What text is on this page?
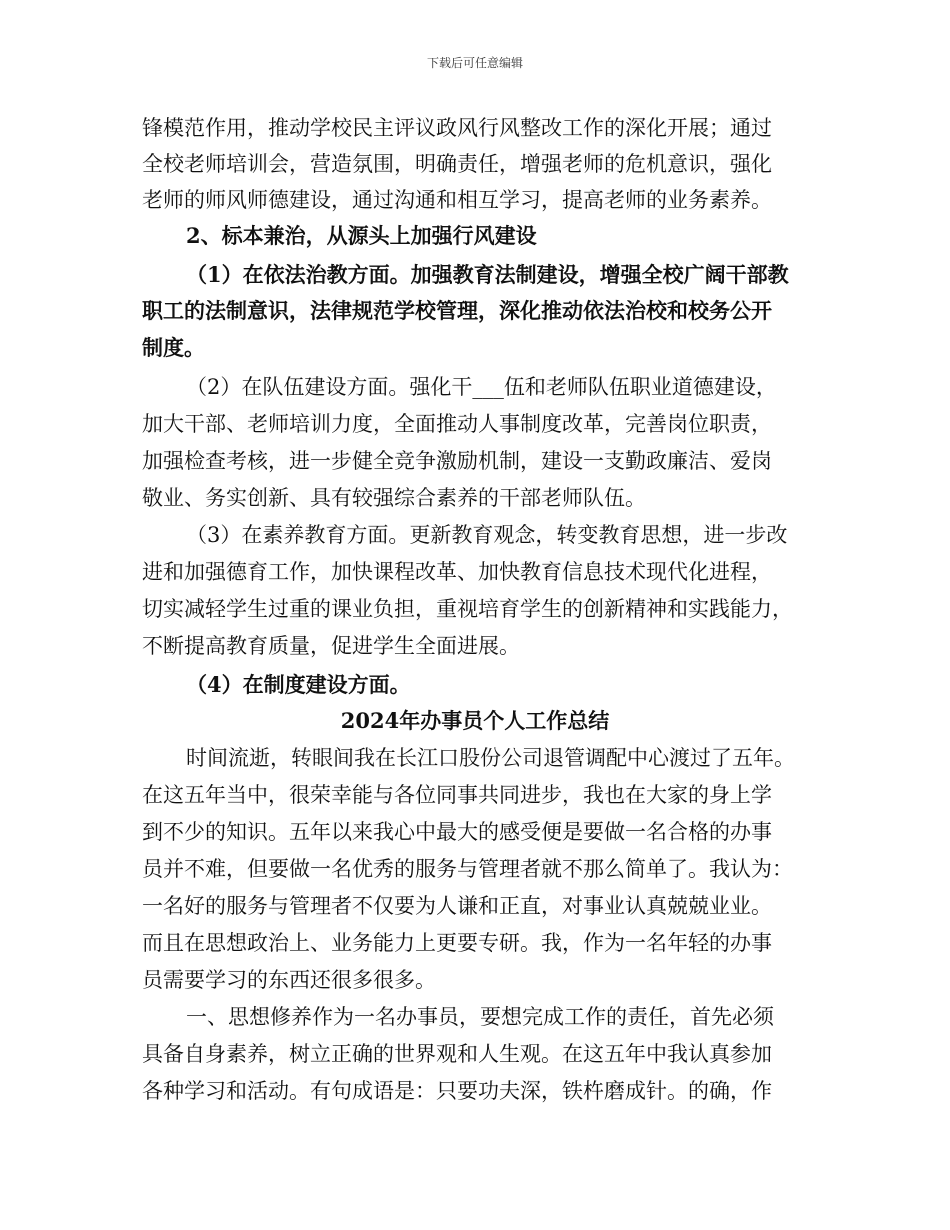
下载后可任意编辑
锋模范作用，推动学校民主评议政风行风整改工作的深化开展；通过
全校老师培训会，营造氛围，明确责任，增强老师的危机意识，强化
老师的师风师德建设，通过沟通和相互学习，提高老师的业务素养。
2、标本兼治，从源头上加强行风建设
（1）在依法治教方面。加强教育法制建设，增强全校广阔干部教
职工的法制意识，法律规范学校管理，深化推动依法治校和校务公开
制度。
（2）在队伍建设方面。强化干___伍和老师队伍职业道德建设，
加大干部、老师培训力度，全面推动人事制度改革，完善岗位职责，
加强检查考核，进一步健全竞争激励机制，建设一支勤政廉洁、爱岗
敬业、务实创新、具有较强综合素养的干部老师队伍。
（3）在素养教育方面。更新教育观念，转变教育思想，进一步改
进和加强德育工作，加快课程改革、加快教育信息技术现代化进程，
切实减轻学生过重的课业负担，重视培育学生的创新精神和实践能力，
不断提高教育质量，促进学生全面进展。
（4）在制度建设方面。
2024年办事员个人工作总结
时间流逝，转眼间我在长江口股份公司退管调配中心渡过了五年。
在这五年当中，很荣幸能与各位同事共同进步，我也在大家的身上学
到不少的知识。五年以来我心中最大的感受便是要做一名合格的办事
员并不难，但要做一名优秀的服务与管理者就不那么简单了。我认为：
一名好的服务与管理者不仅要为人谦和正直，对事业认真兢兢业业。
而且在思想政治上、业务能力上更要专研。我，作为一名年轻的办事
员需要学习的东西还很多很多。
一、思想修养作为一名办事员，要想完成工作的责任，首先必须
具备自身素养，树立正确的世界观和人生观。在这五年中我认真参加
各种学习和活动。有句成语是：只要功夫深，铁杵磨成针。的确，作
